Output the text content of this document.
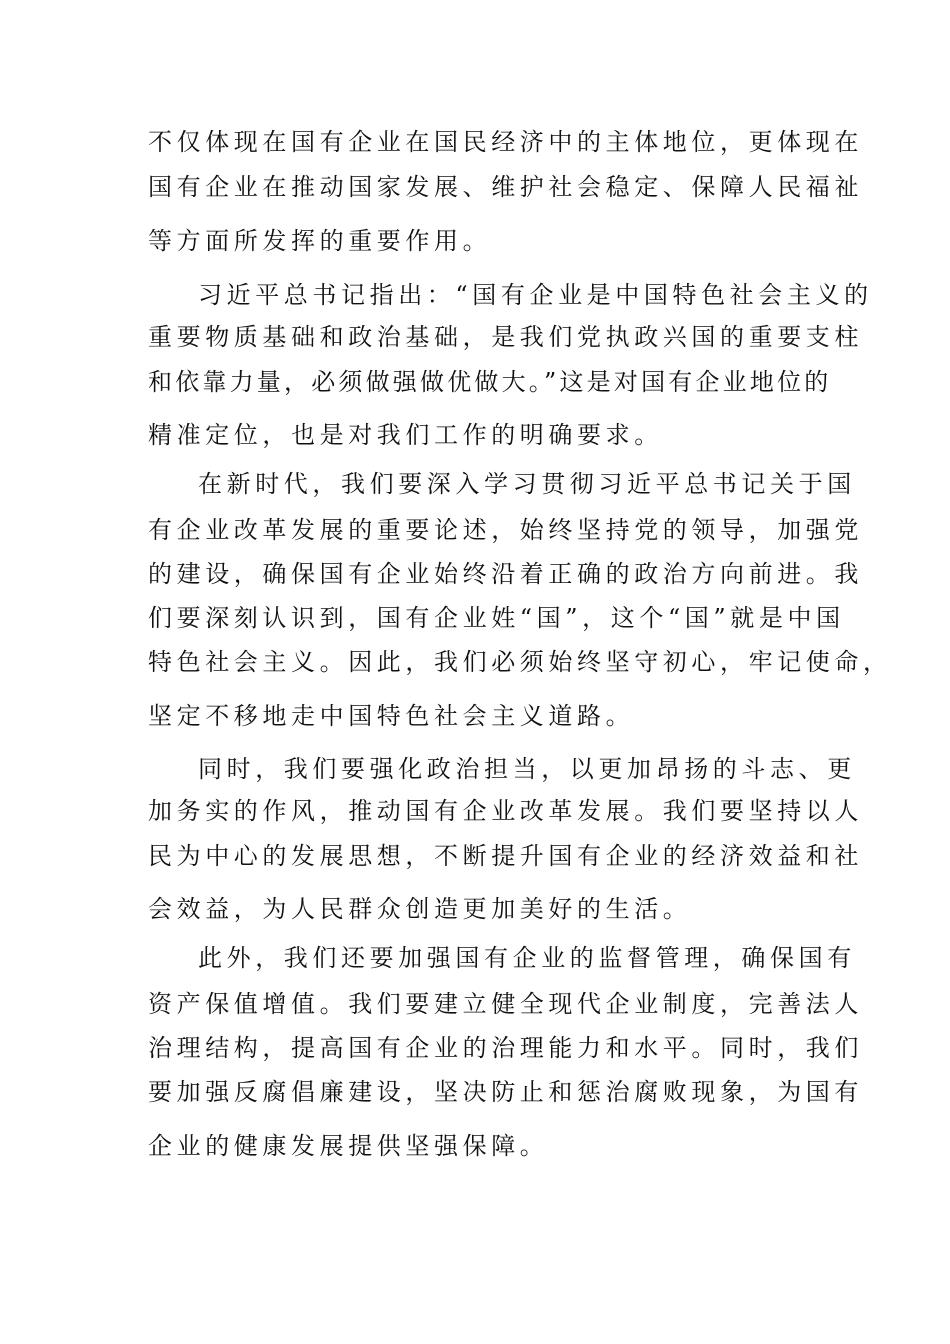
不仅体现在国有企业在国民经济中的主体地位，更体现在
国有企业在推动国家发展、维护社会稳定、保障人民福祉
等方面所发挥的重要作用。
习近平总书记指出：“国有企业是中国特色社会主义的
重要物质基础和政治基础，是我们党执政兴国的重要支柱
和依靠力量，必须做强做优做大。”这是对国有企业地位的
精准定位，也是对我们工作的明确要求。
在新时代，我们要深入学习贯彻习近平总书记关于国
有企业改革发展的重要论述，始终坚持党的领导，加强党
的建设，确保国有企业始终沿着正确的政治方向前进。我
们要深刻认识到，国有企业姓“国”，这个“国”就是中国
特色社会主义。因此，我们必须始终坚守初心，牢记使命，
坚定不移地走中国特色社会主义道路。
同时，我们要强化政治担当，以更加昂扬的斗志、更
加务实的作风，推动国有企业改革发展。我们要坚持以人
民为中心的发展思想，不断提升国有企业的经济效益和社
会效益，为人民群众创造更加美好的生活。
此外，我们还要加强国有企业的监督管理，确保国有
资产保值增值。我们要建立健全现代企业制度，完善法人
治理结构，提高国有企业的治理能力和水平。同时，我们
要加强反腐倡廉建设，坚决防止和惩治腐败现象，为国有
企业的健康发展提供坚强保障。
